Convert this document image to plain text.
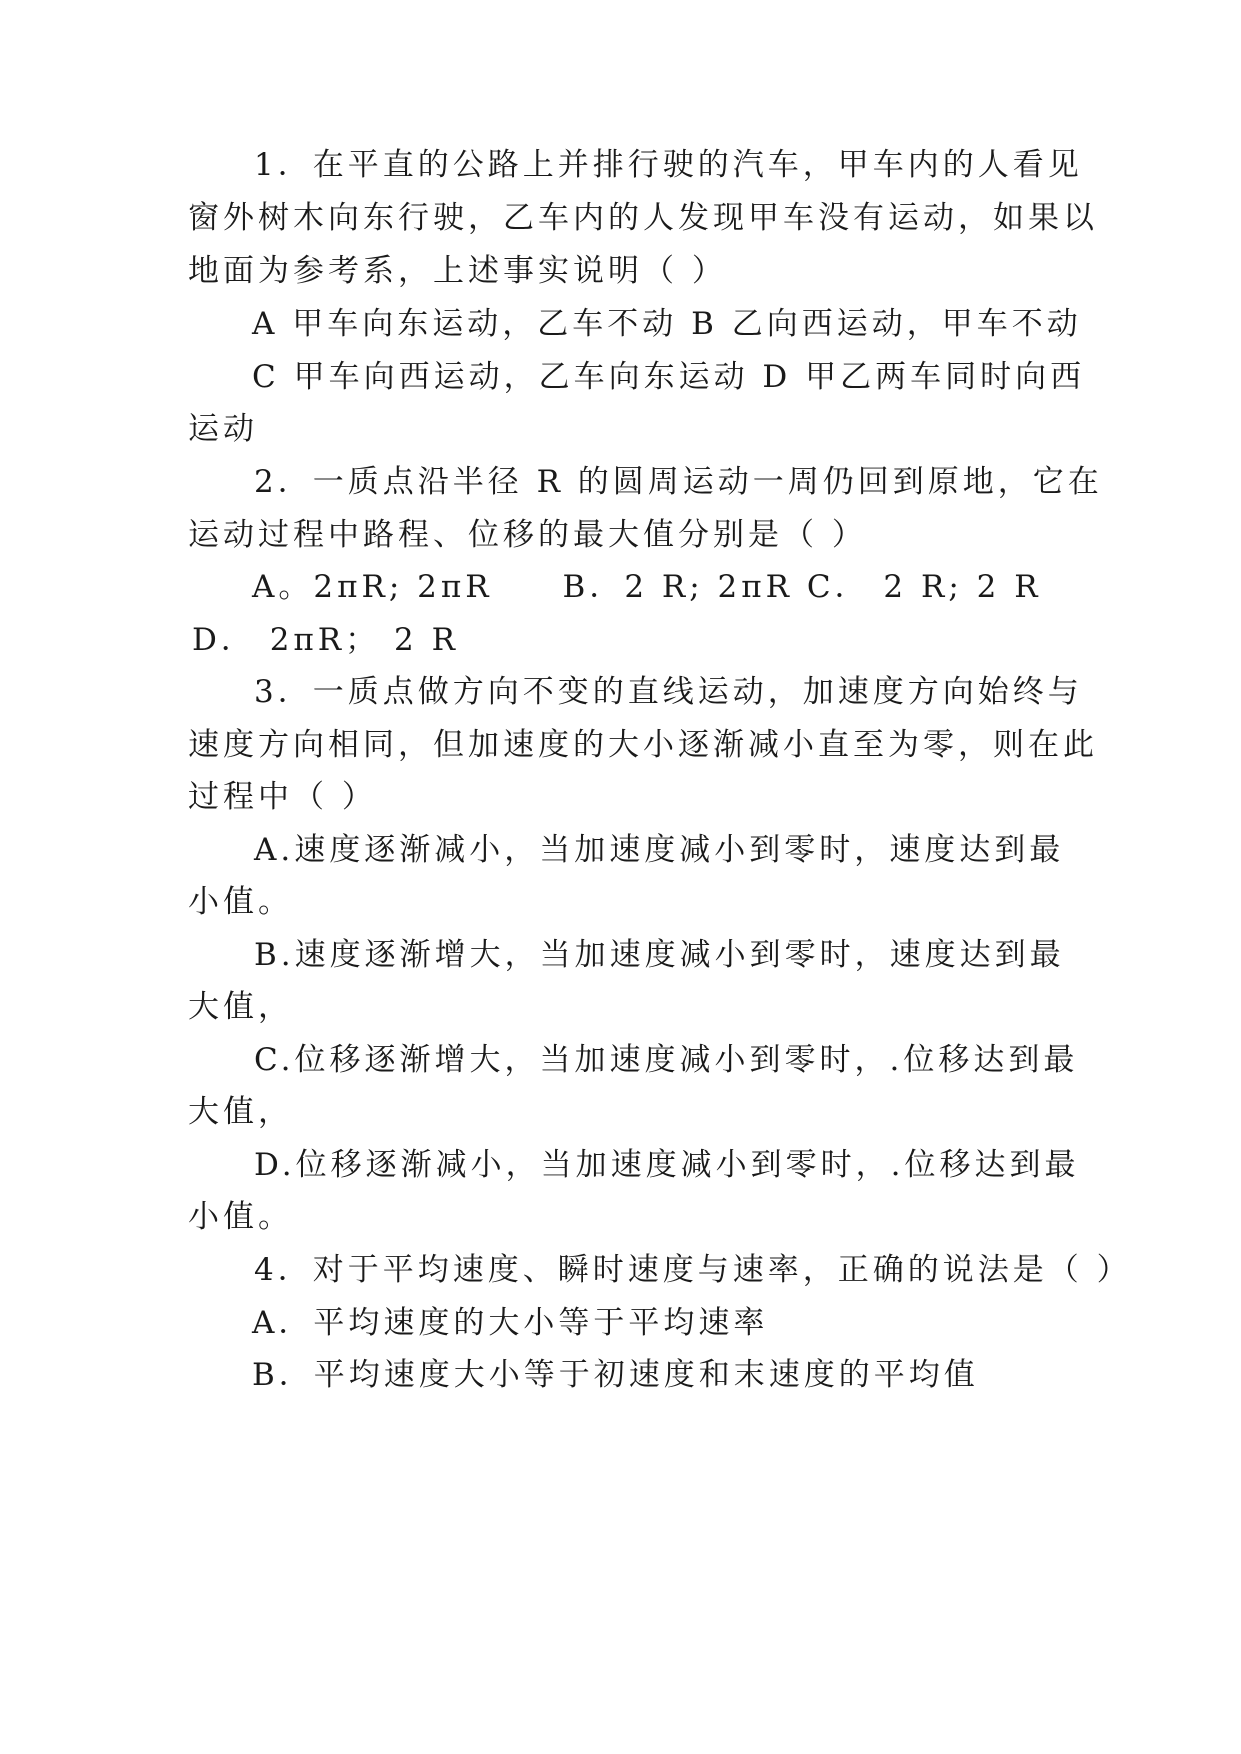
1．在平直的公路上并排行驶的汽车，甲车内的人看见
窗外树木向东行驶，乙车内的人发现甲车没有运动，如果以
地面为参考系，上述事实说明（ ）
A 甲车向东运动，乙车不动 B 乙向西运动，甲车不动
C 甲车向西运动，乙车向东运动 D 甲乙两车同时向西
运动
2．一质点沿半径 R 的圆周运动一周仍回到原地，它在
运动过程中路程、位移的最大值分别是（ ）
A。2πR; 2πR　　B．2 R; 2πR C． 2 R; 2 R
D． 2πR； 2 R
3．一质点做方向不变的直线运动，加速度方向始终与
速度方向相同，但加速度的大小逐渐减小直至为零，则在此
过程中（ ）
A.速度逐渐减小，当加速度减小到零时，速度达到最
小值。
B.速度逐渐增大，当加速度减小到零时，速度达到最
大值，
C.位移逐渐增大，当加速度减小到零时，.位移达到最
大值，
D.位移逐渐减小，当加速度减小到零时，.位移达到最
小值。
4．对于平均速度、瞬时速度与速率，正确的说法是（ ）
A．平均速度的大小等于平均速率
B．平均速度大小等于初速度和末速度的平均值
